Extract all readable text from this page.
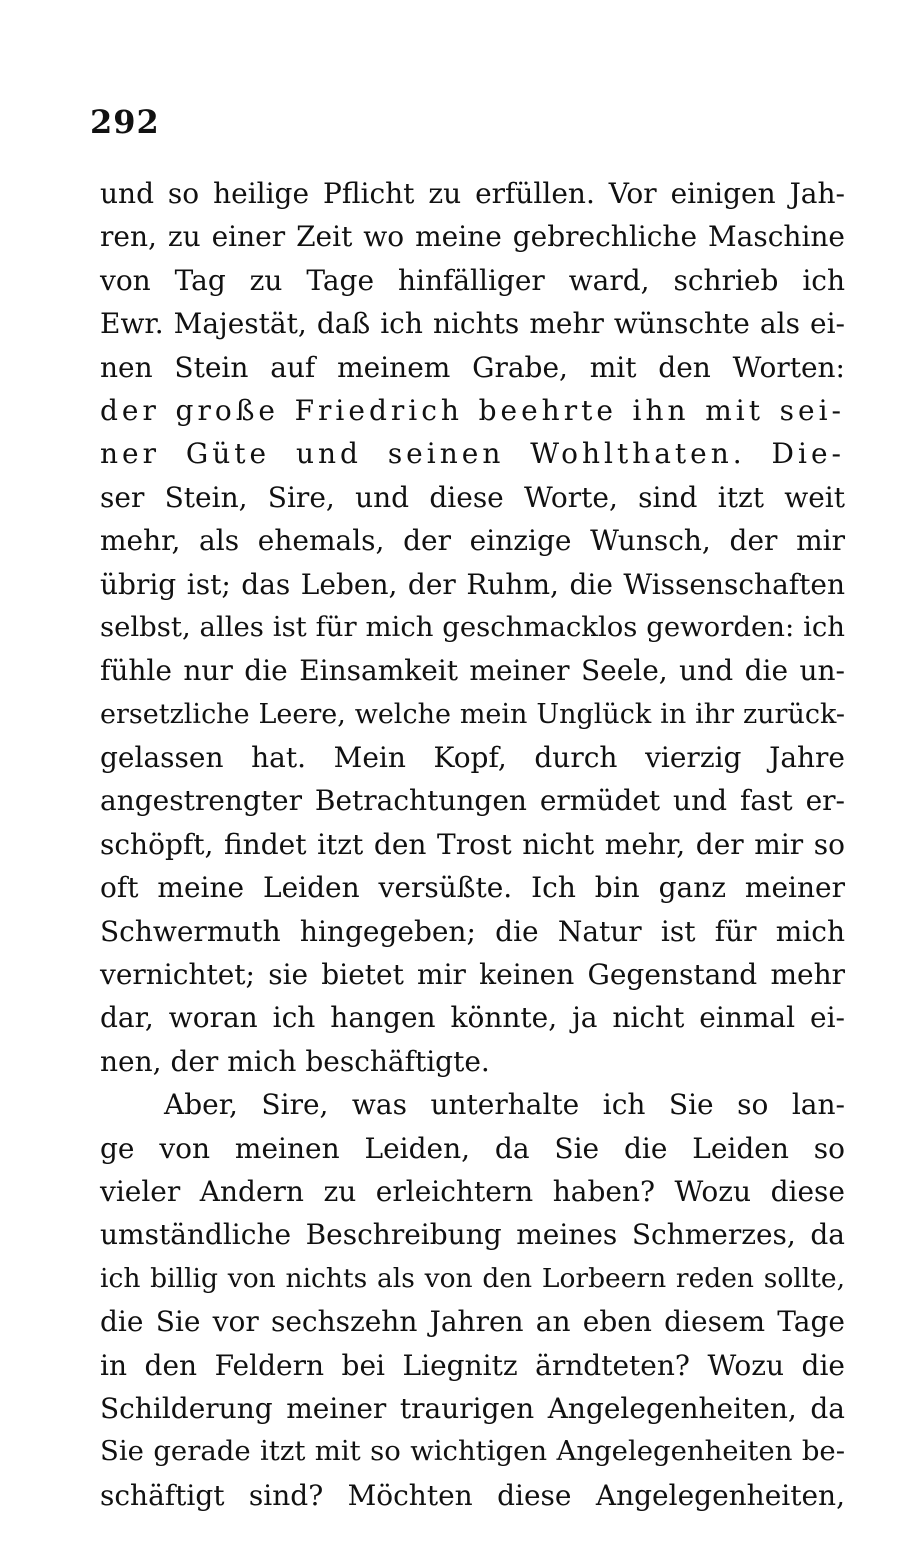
292
und so heilige Pflicht zu erfüllen. Vor einigen Jah-
ren, zu einer Zeit wo meine gebrechliche Maschine
von Tag zu Tage hinfälliger ward, schrieb ich
Ewr. Majestät, daß ich nichts mehr wünschte als ei-
nen Stein auf meinem Grabe, mit den Worten:
der große Friedrich beehrte ihn mit sei-
ner Güte und seinen Wohlthaten. Die-
ser Stein, Sire, und diese Worte, sind itzt weit
mehr, als ehemals, der einzige Wunsch, der mir
übrig ist; das Leben, der Ruhm, die Wissenschaften
selbst, alles ist für mich geschmacklos geworden: ich
fühle nur die Einsamkeit meiner Seele, und die un-
ersetzliche Leere, welche mein Unglück in ihr zurück-
gelassen hat. Mein Kopf, durch vierzig Jahre
angestrengter Betrachtungen ermüdet und fast er-
schöpft, findet itzt den Trost nicht mehr, der mir so
oft meine Leiden versüßte. Ich bin ganz meiner
Schwermuth hingegeben; die Natur ist für mich
vernichtet; sie bietet mir keinen Gegenstand mehr
dar, woran ich hangen könnte, ja nicht einmal ei-
nen, der mich beschäftigte.
Aber, Sire, was unterhalte ich Sie so lan-
ge von meinen Leiden, da Sie die Leiden so
vieler Andern zu erleichtern haben? Wozu diese
umständliche Beschreibung meines Schmerzes, da
ich billig von nichts als von den Lorbeern reden sollte,
die Sie vor sechszehn Jahren an eben diesem Tage
in den Feldern bei Liegnitz ärndteten? Wozu die
Schilderung meiner traurigen Angelegenheiten, da
Sie gerade itzt mit so wichtigen Angelegenheiten be-
schäftigt sind? Möchten diese Angelegenheiten,
